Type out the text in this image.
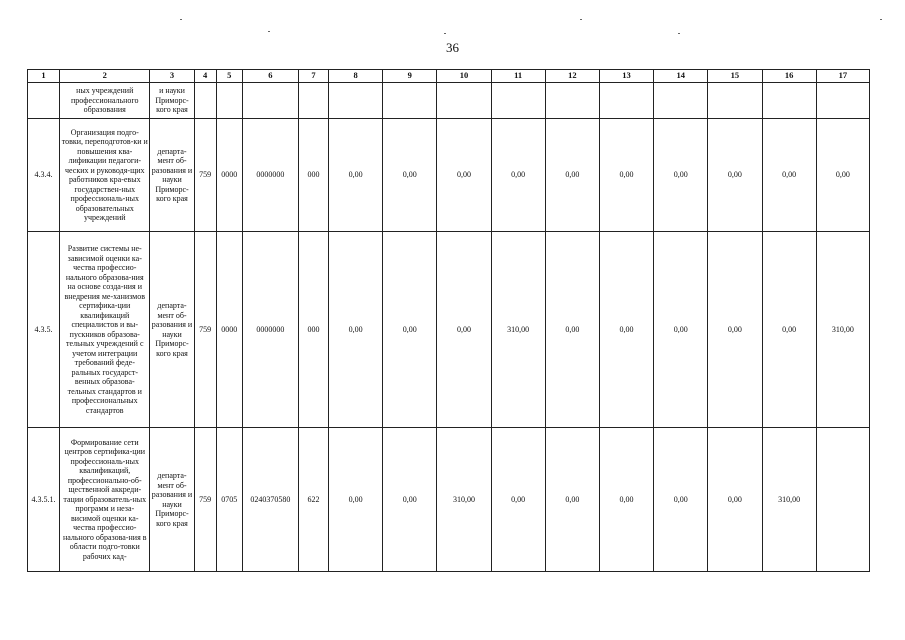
36
1	2	3	4	5	6	7	8	9	10	11	12	13	14	15	16	17
	ных учреждений профессионального образования	и науки Приморс-кого края														
4.3.4.	Организация подго-товки, переподготов-ки и повышения ква-лификации педагоги-ческих и руководя-щих работников кра-евых государствен-ных профессиональ-ных образовательных учреждений	департа-мент об-разования и науки Приморс-кого края	759	0000	0000000	000	0,00	0,00	0,00	0,00	0,00	0,00	0,00	0,00	0,00	0,00
4.3.5.	Развитие системы не-зависимой оценки ка-чества профессио-нального образова-ния на основе созда-ния и внедрения ме-ханизмов сертифика-ции квалификаций специалистов и вы-пускников образова-тельных учреждений с учетом интеграции требований феде-ральных государст-венных образова-тельных стандартов и профессиональных стандартов	департа-мент об-разования и науки Приморс-кого края	759	0000	0000000	000	0,00	0,00	0,00	310,00	0,00	0,00	0,00	0,00	0,00	310,00
4.3.5.1.	Формирование сети центров сертифика-ции профессиональ-ных квалификаций, профессионально-об-щественной аккреди-тации образователь-ных программ и неза-висимой оценки ка-чества профессио-нального образова-ния в области подго-товки рабочих кад-	департа-мент об-разования и науки Приморс-кого края	759	0705	0240370580	622	0,00	0,00	310,00	0,00	0,00	0,00	0,00	0,00	310,00	
